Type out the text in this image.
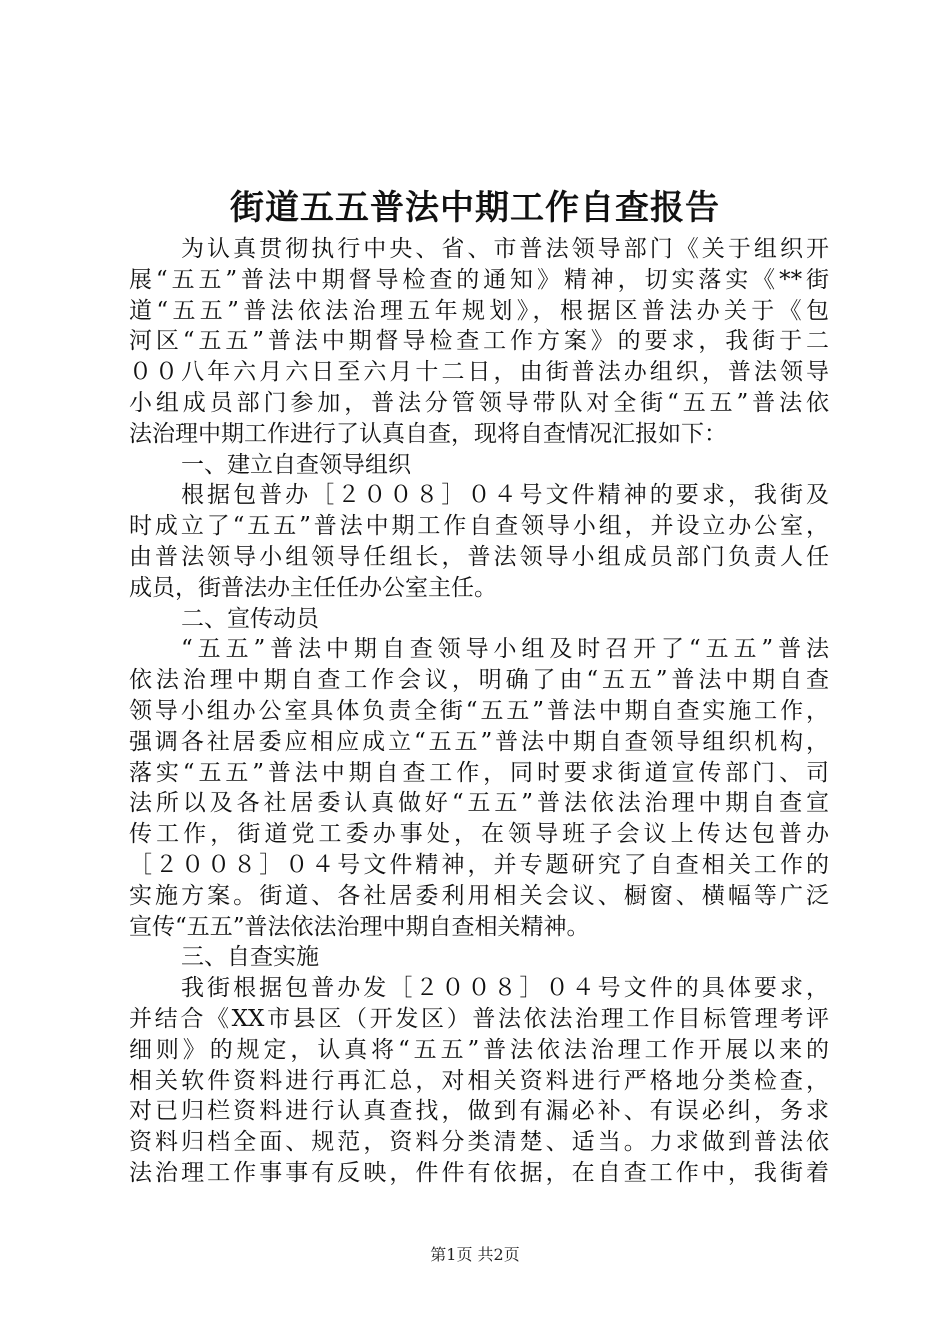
街道五五普法中期工作自查报告
为认真贯彻执行中央、省、市普法领导部门《关于组织开
展“五五”普法中期督导检查的通知》精神，切实落实《**街
道“五五”普法依法治理五年规划》，根据区普法办关于《包
河区“五五”普法中期督导检查工作方案》的要求，我街于二
００八年六月六日至六月十二日，由街普法办组织，普法领导
小组成员部门参加，普法分管领导带队对全街“五五”普法依
法治理中期工作进行了认真自查，现将自查情况汇报如下：
一、建立自查领导组织
根据包普办［２００８］０４号文件精神的要求，我街及
时成立了“五五”普法中期工作自查领导小组，并设立办公室，
由普法领导小组领导任组长，普法领导小组成员部门负责人任
成员，街普法办主任任办公室主任。
二、宣传动员
“五五”普法中期自查领导小组及时召开了“五五”普法
依法治理中期自查工作会议，明确了由“五五”普法中期自查
领导小组办公室具体负责全街“五五”普法中期自查实施工作，
强调各社居委应相应成立“五五”普法中期自查领导组织机构，
落实“五五”普法中期自查工作，同时要求街道宣传部门、司
法所以及各社居委认真做好“五五”普法依法治理中期自查宣
传工作，街道党工委办事处，在领导班子会议上传达包普办
［２００８］０４号文件精神，并专题研究了自查相关工作的
实施方案。街道、各社居委利用相关会议、橱窗、横幅等广泛
宣传“五五”普法依法治理中期自查相关精神。
三、自查实施
我街根据包普办发［２００８］０４号文件的具体要求，
并结合《XX市县区（开发区）普法依法治理工作目标管理考评
细则》的规定，认真将“五五”普法依法治理工作开展以来的
相关软件资料进行再汇总，对相关资料进行严格地分类检查，
对已归栏资料进行认真查找，做到有漏必补、有误必纠，务求
资料归档全面、规范，资料分类清楚、适当。力求做到普法依
法治理工作事事有反映，件件有依据，在自查工作中，我街着
第1页 共2页
